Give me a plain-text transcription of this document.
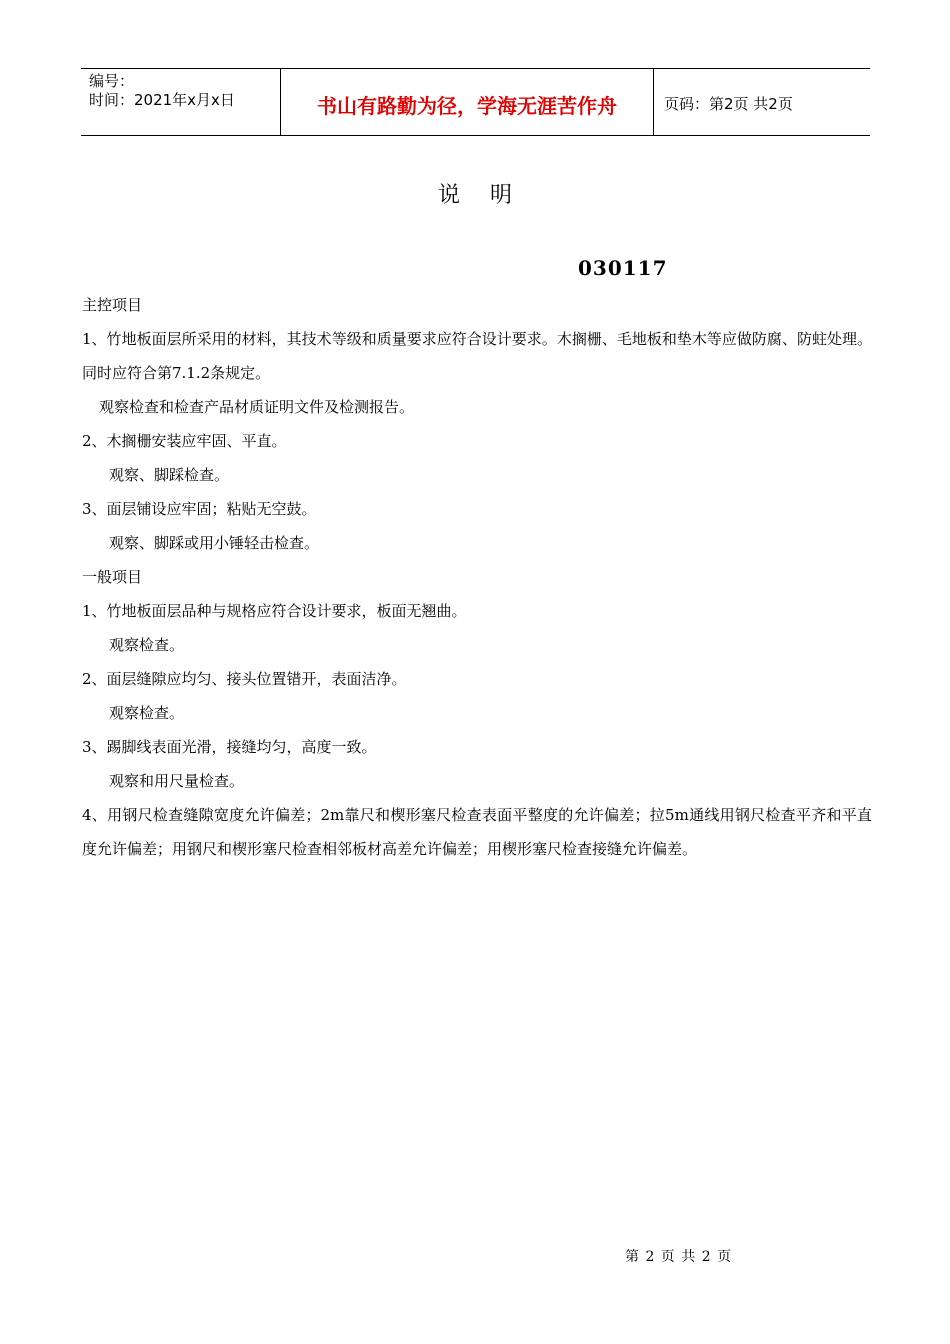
编号：
时间：2021年x月x日	书山有路勤为径，学海无涯苦作舟	页码：第2页 共2页
说明
030117
主控项目
1、竹地板面层所采用的材料，其技术等级和质量要求应符合设计要求。木搁栅、毛地板和垫木等应做防腐、防蛀处理。同时应符合第7.1.2条规定。
观察检查和检查产品材质证明文件及检测报告。
2、木搁栅安装应牢固、平直。
观察、脚踩检查。
3、面层铺设应牢固；粘贴无空鼓。
观察、脚踩或用小锤轻击检查。
一般项目
1、竹地板面层品种与规格应符合设计要求，板面无翘曲。
观察检查。
2、面层缝隙应均匀、接头位置错开，表面洁净。
观察检查。
3、踢脚线表面光滑，接缝均匀，高度一致。
观察和用尺量检查。
4、用钢尺检查缝隙宽度允许偏差；2m靠尺和楔形塞尺检查表面平整度的允许偏差；拉5m通线用钢尺检查平齐和平直度允许偏差；用钢尺和楔形塞尺检查相邻板材高差允许偏差；用楔形塞尺检查接缝允许偏差。
第 2 页 共 2 页
